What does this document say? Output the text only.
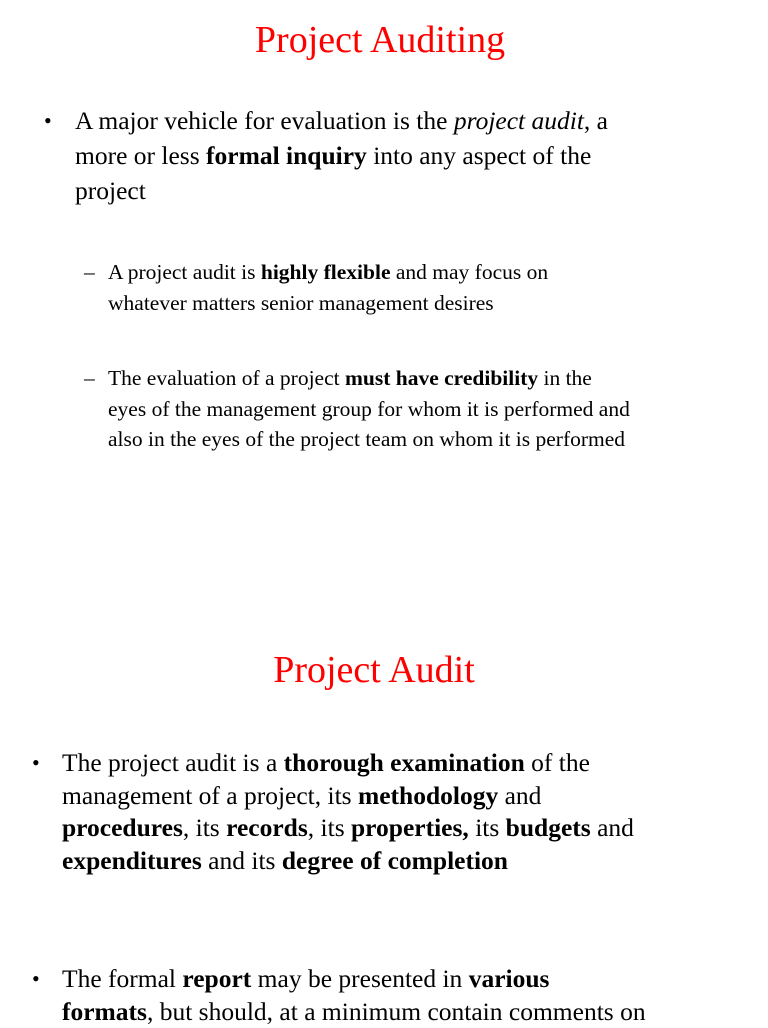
Project Auditing
• A major vehicle for evaluation is the project audit, a
more or less formal inquiry into any aspect of the
project
– A project audit is highly flexible and may focus on
whatever matters senior management desires
– The evaluation of a project must have credibility in the
eyes of the management group for whom it is performed and
also in the eyes of the project team on whom it is performed
Project Audit
• The project audit is a thorough examination of the
management of a project, its methodology and
procedures, its records, its properties, its budgets and
expenditures and its degree of completion
• The formal report may be presented in various
formats, but should, at a minimum contain comments on
